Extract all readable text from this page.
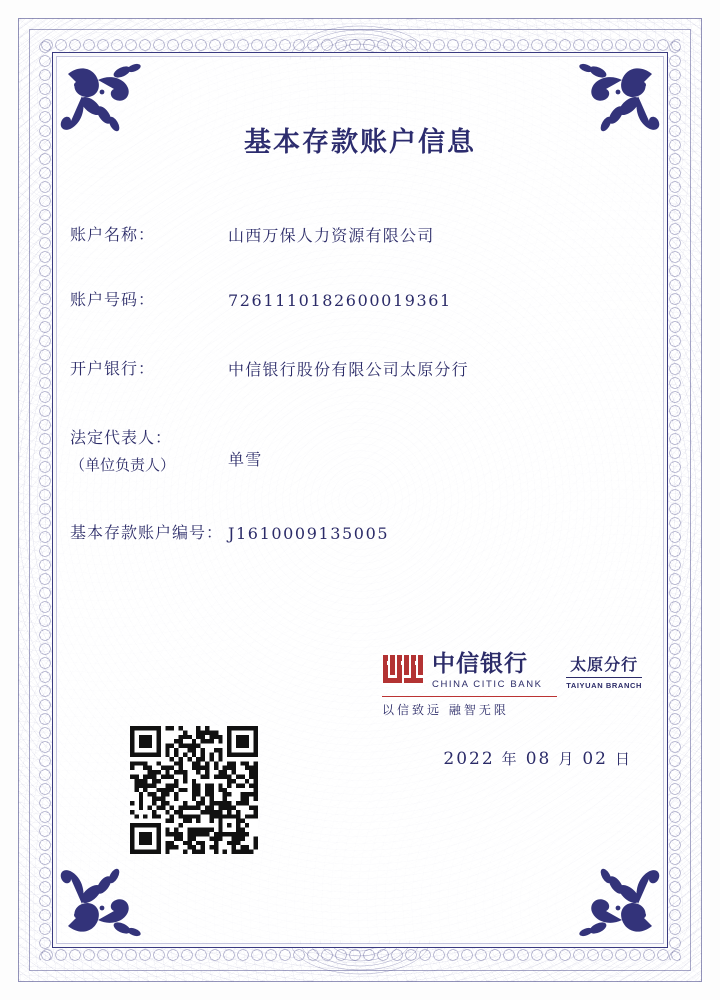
基本存款账户信息
账户名称：	山西万保人力资源有限公司
账户号码：	7261110182600019361
开户银行：	中信银行股份有限公司太原分行
法定代表人：
（单位负责人）	单雪
基本存款账户编号： J1610009135005
中信银行
CHINA CITIC BANK
太原分行
TAIYUAN BRANCH
以信致远 融智无限
2022 年 08 月 02 日
